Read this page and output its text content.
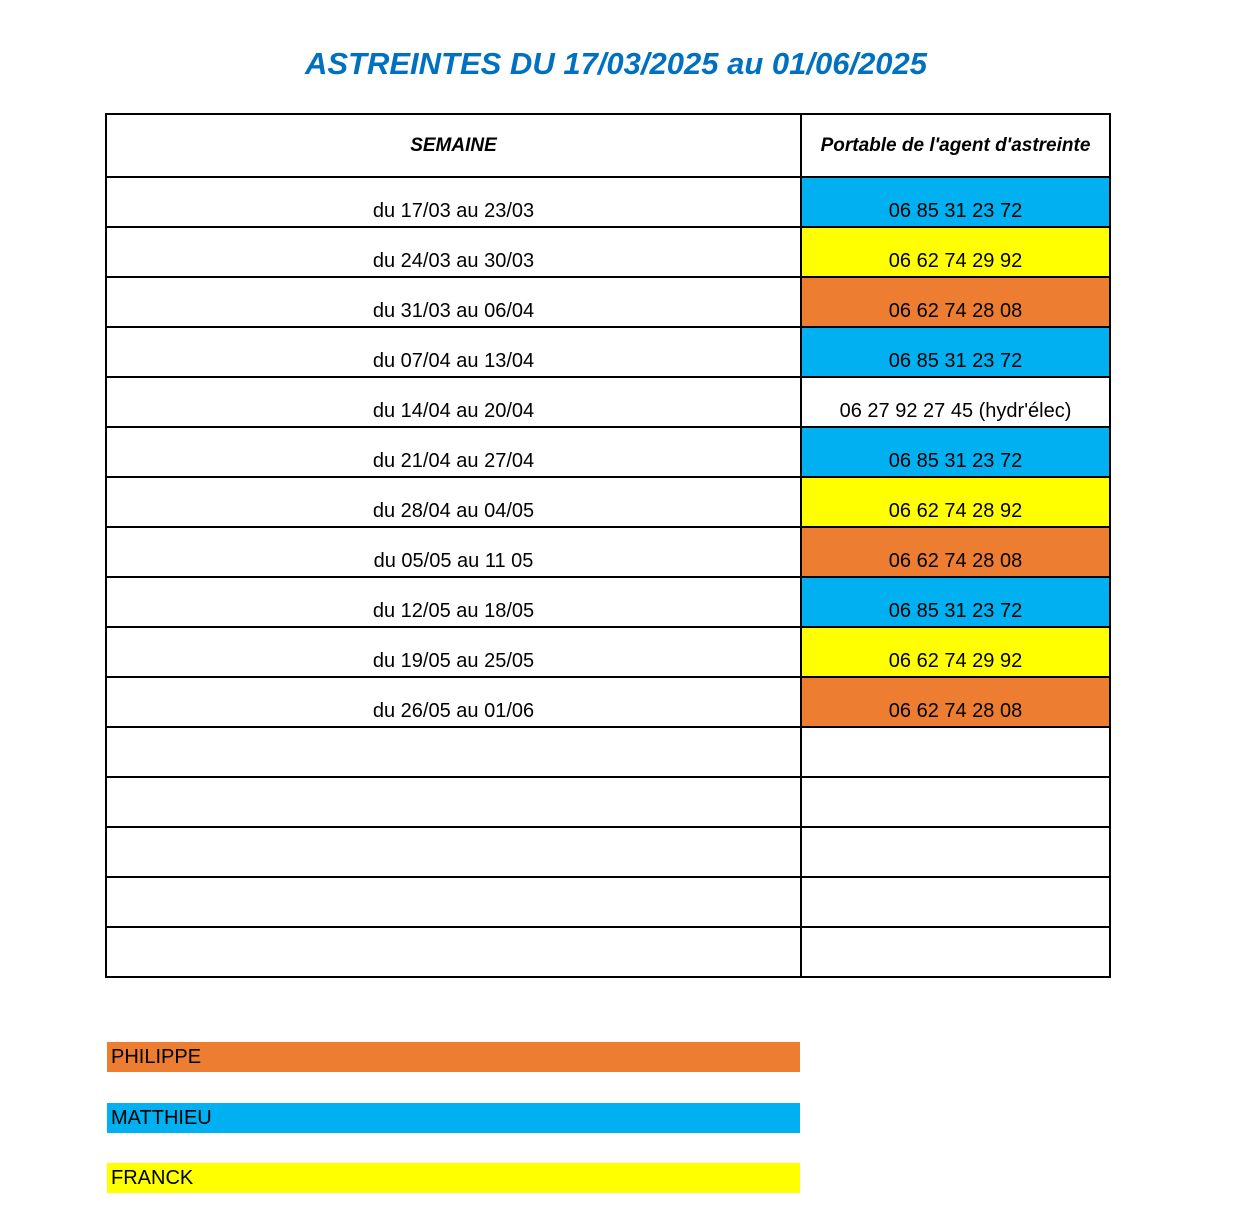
ASTREINTES DU 17/03/2025 au 01/06/2025
SEMAINE	Portable de l'agent d'astreinte
du 17/03 au 23/03	06 85 31 23 72
du 24/03 au 30/03	06 62 74 29 92
du 31/03 au 06/04	06 62 74 28 08
du 07/04 au 13/04	06 85 31 23 72
du 14/04 au 20/04	06 27 92 27 45 (hydr'élec)
du 21/04 au 27/04	06 85 31 23 72
du 28/04 au 04/05	06 62 74 28 92
du 05/05 au 11 05	06 62 74 28 08
du 12/05 au 18/05	06 85 31 23 72
du 19/05 au 25/05	06 62 74 29 92
du 26/05 au 01/06	06 62 74 28 08

PHILIPPE
MATTHIEU
FRANCK
